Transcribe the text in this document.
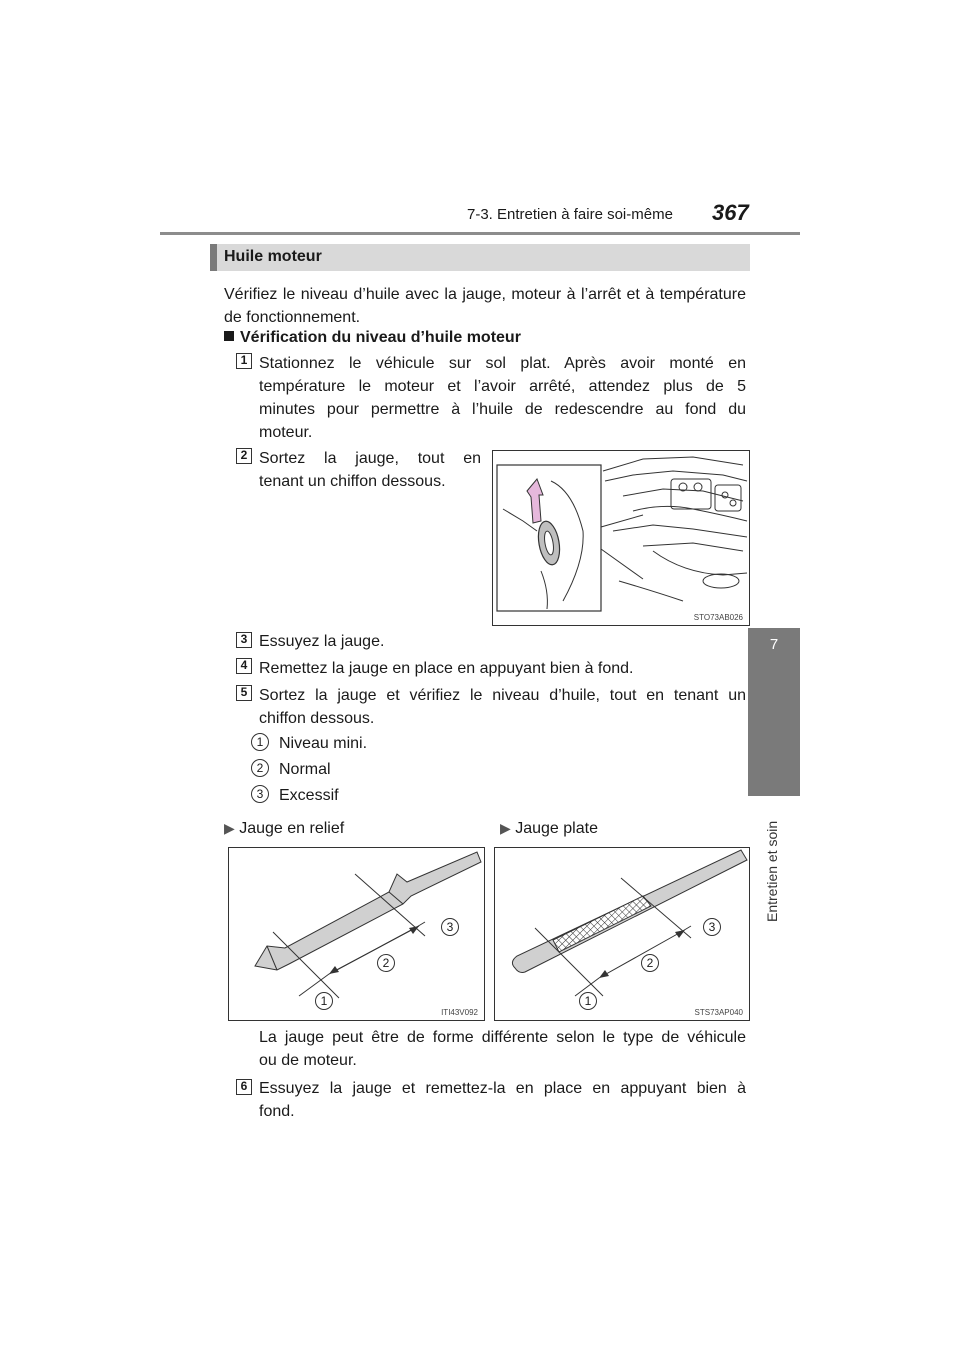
7-3. Entretien à faire soi-même 367
7
Entretien et soin
Huile moteur
Vérifiez le niveau d’huile avec la jauge, moteur à l’arrêt et à température de fonctionnement.
Vérification du niveau d’huile moteur
1 Stationnez le véhicule sur sol plat. Après avoir monté en
température le moteur et l’avoir arrêté, attendez plus de 5
minutes pour permettre à l’huile de redescendre au fond du
moteur.
2 Sortez la jauge, tout en
tenant un chiffon dessous.
STO73AB026
3 Essuyez la jauge.
4 Remettez la jauge en place en appuyant bien à fond.
5 Sortez la jauge et vérifiez le niveau d’huile, tout en tenant un
chiffon dessous.
1 Niveau mini.
2 Normal
3 Excessif
▶ Jauge en relief	▶ Jauge plate
1
2
3
ITI43V092
1
2
3
STS73AP040
La jauge peut être de forme différente selon le type de véhicule
ou de moteur.
6 Essuyez la jauge et remettez-la en place en appuyant bien à
fond.
